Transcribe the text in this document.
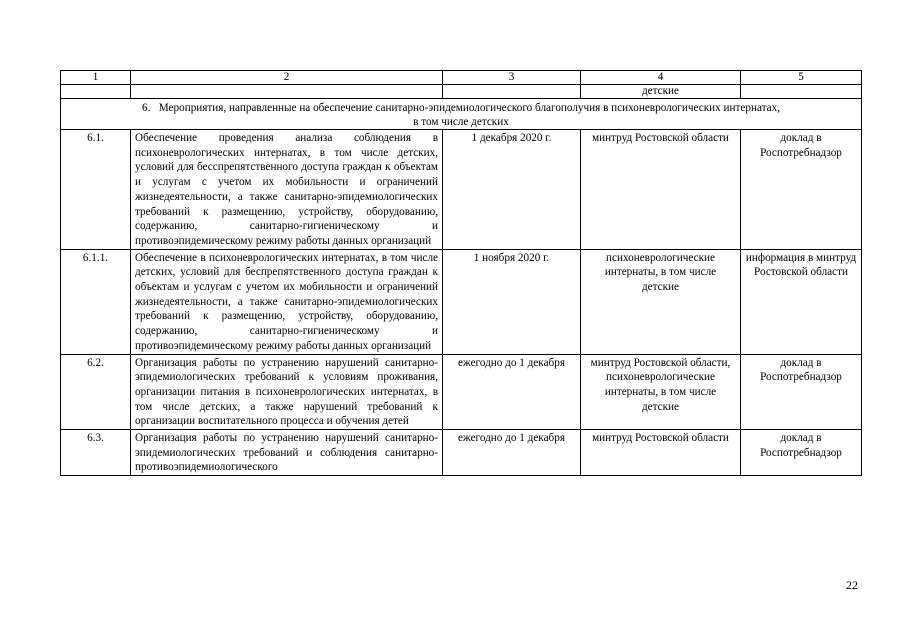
1	2	3	4	5
			детские	
6. Мероприятия, направленные на обеспечение санитарно-эпидемиологического благополучия в психоневрологических интернатах,
в том числе детских				
6.1.	Обеспечение проведения анализа соблюдения в психоневрологических интернатах, в том числе детских, условий для бесспрепятственного доступа граждан к объектам и услугам с учетом их мобильности и ограничений жизнедеятельности, а также санитарно-эпидемиологических требований к размещению, устройству, оборудованию, содержанию, санитарно-гигиеническому и противоэпидемическому режиму работы данных организаций	1 декабря 2020 г.	минтруд Ростовской области	доклад в Роспотребнадзор
6.1.1.	Обеспечение в психоневрологических интернатах, в том числе детских, условий для беспрепятственного доступа граждан к объектам и услугам с учетом их мобильности и ограничений жизнедеятельности, а также санитарно-эпидемиологических требований к размещению, устройству, оборудованию, содержанию, санитарно-гигиеническому и противоэпидемическому режиму работы данных организаций	1 ноября 2020 г.	психоневрологические интернаты, в том числе детские	информация в минтруд Ростовской области
6.2.	Организация работы по устранению нарушений санитарно-эпидемиологических требований к условиям проживания, организации питания в психоневрологических интернатах, в том числе детских, а также нарушений требований к организации воспитательного процесса и обучения детей	ежегодно до 1 декабря	минтруд Ростовской области, психоневрологические интернаты, в том числе детские	доклад в Роспотребнадзор
6.3.	Организация работы по устранению нарушений санитарно-эпидемиологических требований и соблюдения санитарно-противоэпидемиологического	ежегодно до 1 декабря	минтруд Ростовской области	доклад в Роспотребнадзор
22
